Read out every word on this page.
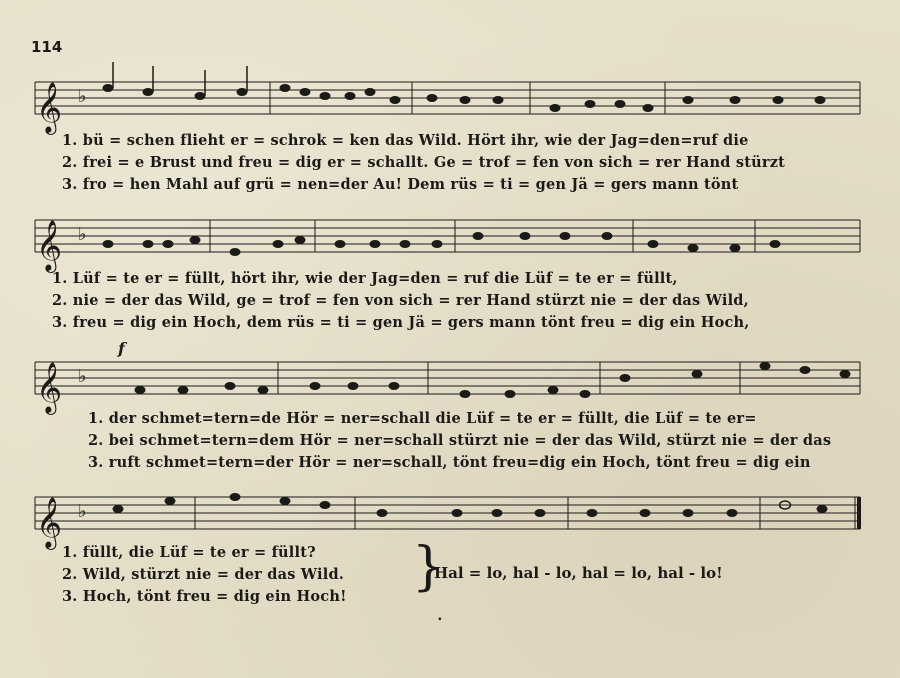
114
𝄞 ♭
𝄞 ♭
𝄞 ♭
f
𝄞 ♭
1. bü = schen flieht er = schrok = ken das Wild. Hört ihr, wie der Jag=den=ruf die
2. frei = e Brust und freu = dig er = schallt. Ge = trof = fen von sich = rer Hand stürzt
3. fro = hen Mahl auf grü = nen=der Au! Dem rüs = ti = gen Jä = gers mann tönt
1. Lüf = te er = füllt, hört ihr, wie der Jag=den = ruf die Lüf = te er = füllt,
2. nie = der das Wild, ge = trof = fen von sich = rer Hand stürzt nie = der das Wild,
3. freu = dig ein Hoch, dem rüs = ti = gen Jä = gers mann tönt freu = dig ein Hoch,
1. der schmet=tern=de Hör = ner=schall die Lüf = te er = füllt, die Lüf = te er=
2. bei schmet=tern=dem Hör = ner=schall stürzt nie = der das Wild, stürzt nie = der das
3. ruft schmet=tern=der Hör = ner=schall, tönt freu=dig ein Hoch, tönt freu = dig ein
1. füllt, die Lüf = te er = füllt?
2. Wild, stürzt nie = der das Wild.
3. Hoch, tönt freu = dig ein Hoch! }
Hal = lo, hal - lo, hal = lo, hal - lo!
ꞏ
